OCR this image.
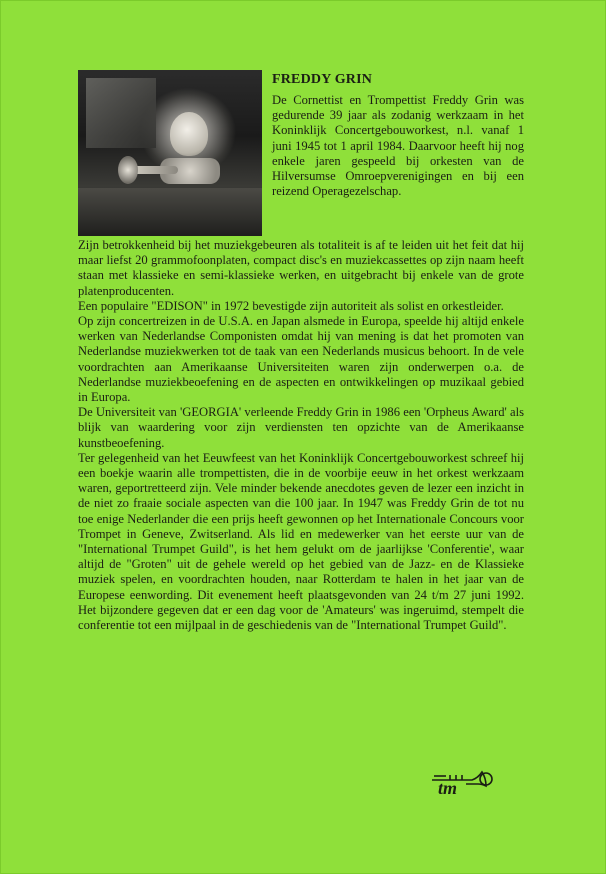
FREDDY GRIN

De Cornettist en Trompettist Freddy Grin was gedurende 39 jaar als zodanig werkzaam in het Koninklijk Concertgebouworkest, n.l. vanaf 1 juni 1945 tot 1 april 1984. Daarvoor heeft hij nog enkele jaren gespeeld bij orkesten van de Hilversumse Omroepverenigingen en bij een reizend Operagezelschap.

Zijn betrokkenheid bij het muziekgebeuren als totaliteit is af te leiden uit het feit dat hij maar liefst 20 grammofoonplaten, compact disc's en muziekcassettes op zijn naam heeft staan met klassieke en semi-klassieke werken, en uitgebracht bij enkele van de grote platenproducenten.

Een populaire "EDISON" in 1972 bevestigde zijn autoriteit als solist en orkestleider.

Op zijn concertreizen in de U.S.A. en Japan alsmede in Europa, speelde hij altijd enkele werken van Nederlandse Componisten omdat hij van mening is dat het promoten van Nederlandse muziekwerken tot de taak van een Nederlands musicus behoort. In de vele voordrachten aan Amerikaanse Universiteiten waren zijn onderwerpen o.a. de Nederlandse muziekbeoefening en de aspecten en ontwikkelingen op muzikaal gebied in Europa.

De Universiteit van 'GEORGIA' verleende Freddy Grin in 1986 een 'Orpheus Award' als blijk van waardering voor zijn verdiensten ten opzichte van de Amerikaanse kunstbeoefening.

Ter gelegenheid van het Eeuwfeest van het Koninklijk Concertgebouworkest schreef hij een boekje waarin alle trompettisten, die in de voorbije eeuw in het orkest werkzaam waren, geportretteerd zijn. Vele minder bekende anecdotes geven de lezer een inzicht in de niet zo fraaie sociale aspecten van die 100 jaar. In 1947 was Freddy Grin de tot nu toe enige Nederlander die een prijs heeft gewonnen op het Internationale Concours voor Trompet in Geneve, Zwitserland. Als lid en medewerker van het eerste uur van de "International Trumpet Guild", is het hem gelukt om de jaarlijkse 'Conferentie', waar altijd de "Groten" uit de gehele wereld op het gebied van de Jazz- en de Klassieke muziek spelen, en voordrachten houden, naar Rotterdam te halen in het jaar van de Europese eenwording. Dit evenement heeft plaatsgevonden van 24 t/m 27 juni 1992. Het bijzondere gegeven dat er een dag voor de 'Amateurs' was ingeruimd, stempelt die conferentie tot een mijlpaal in de geschiedenis van de "International Trumpet Guild".

tm
